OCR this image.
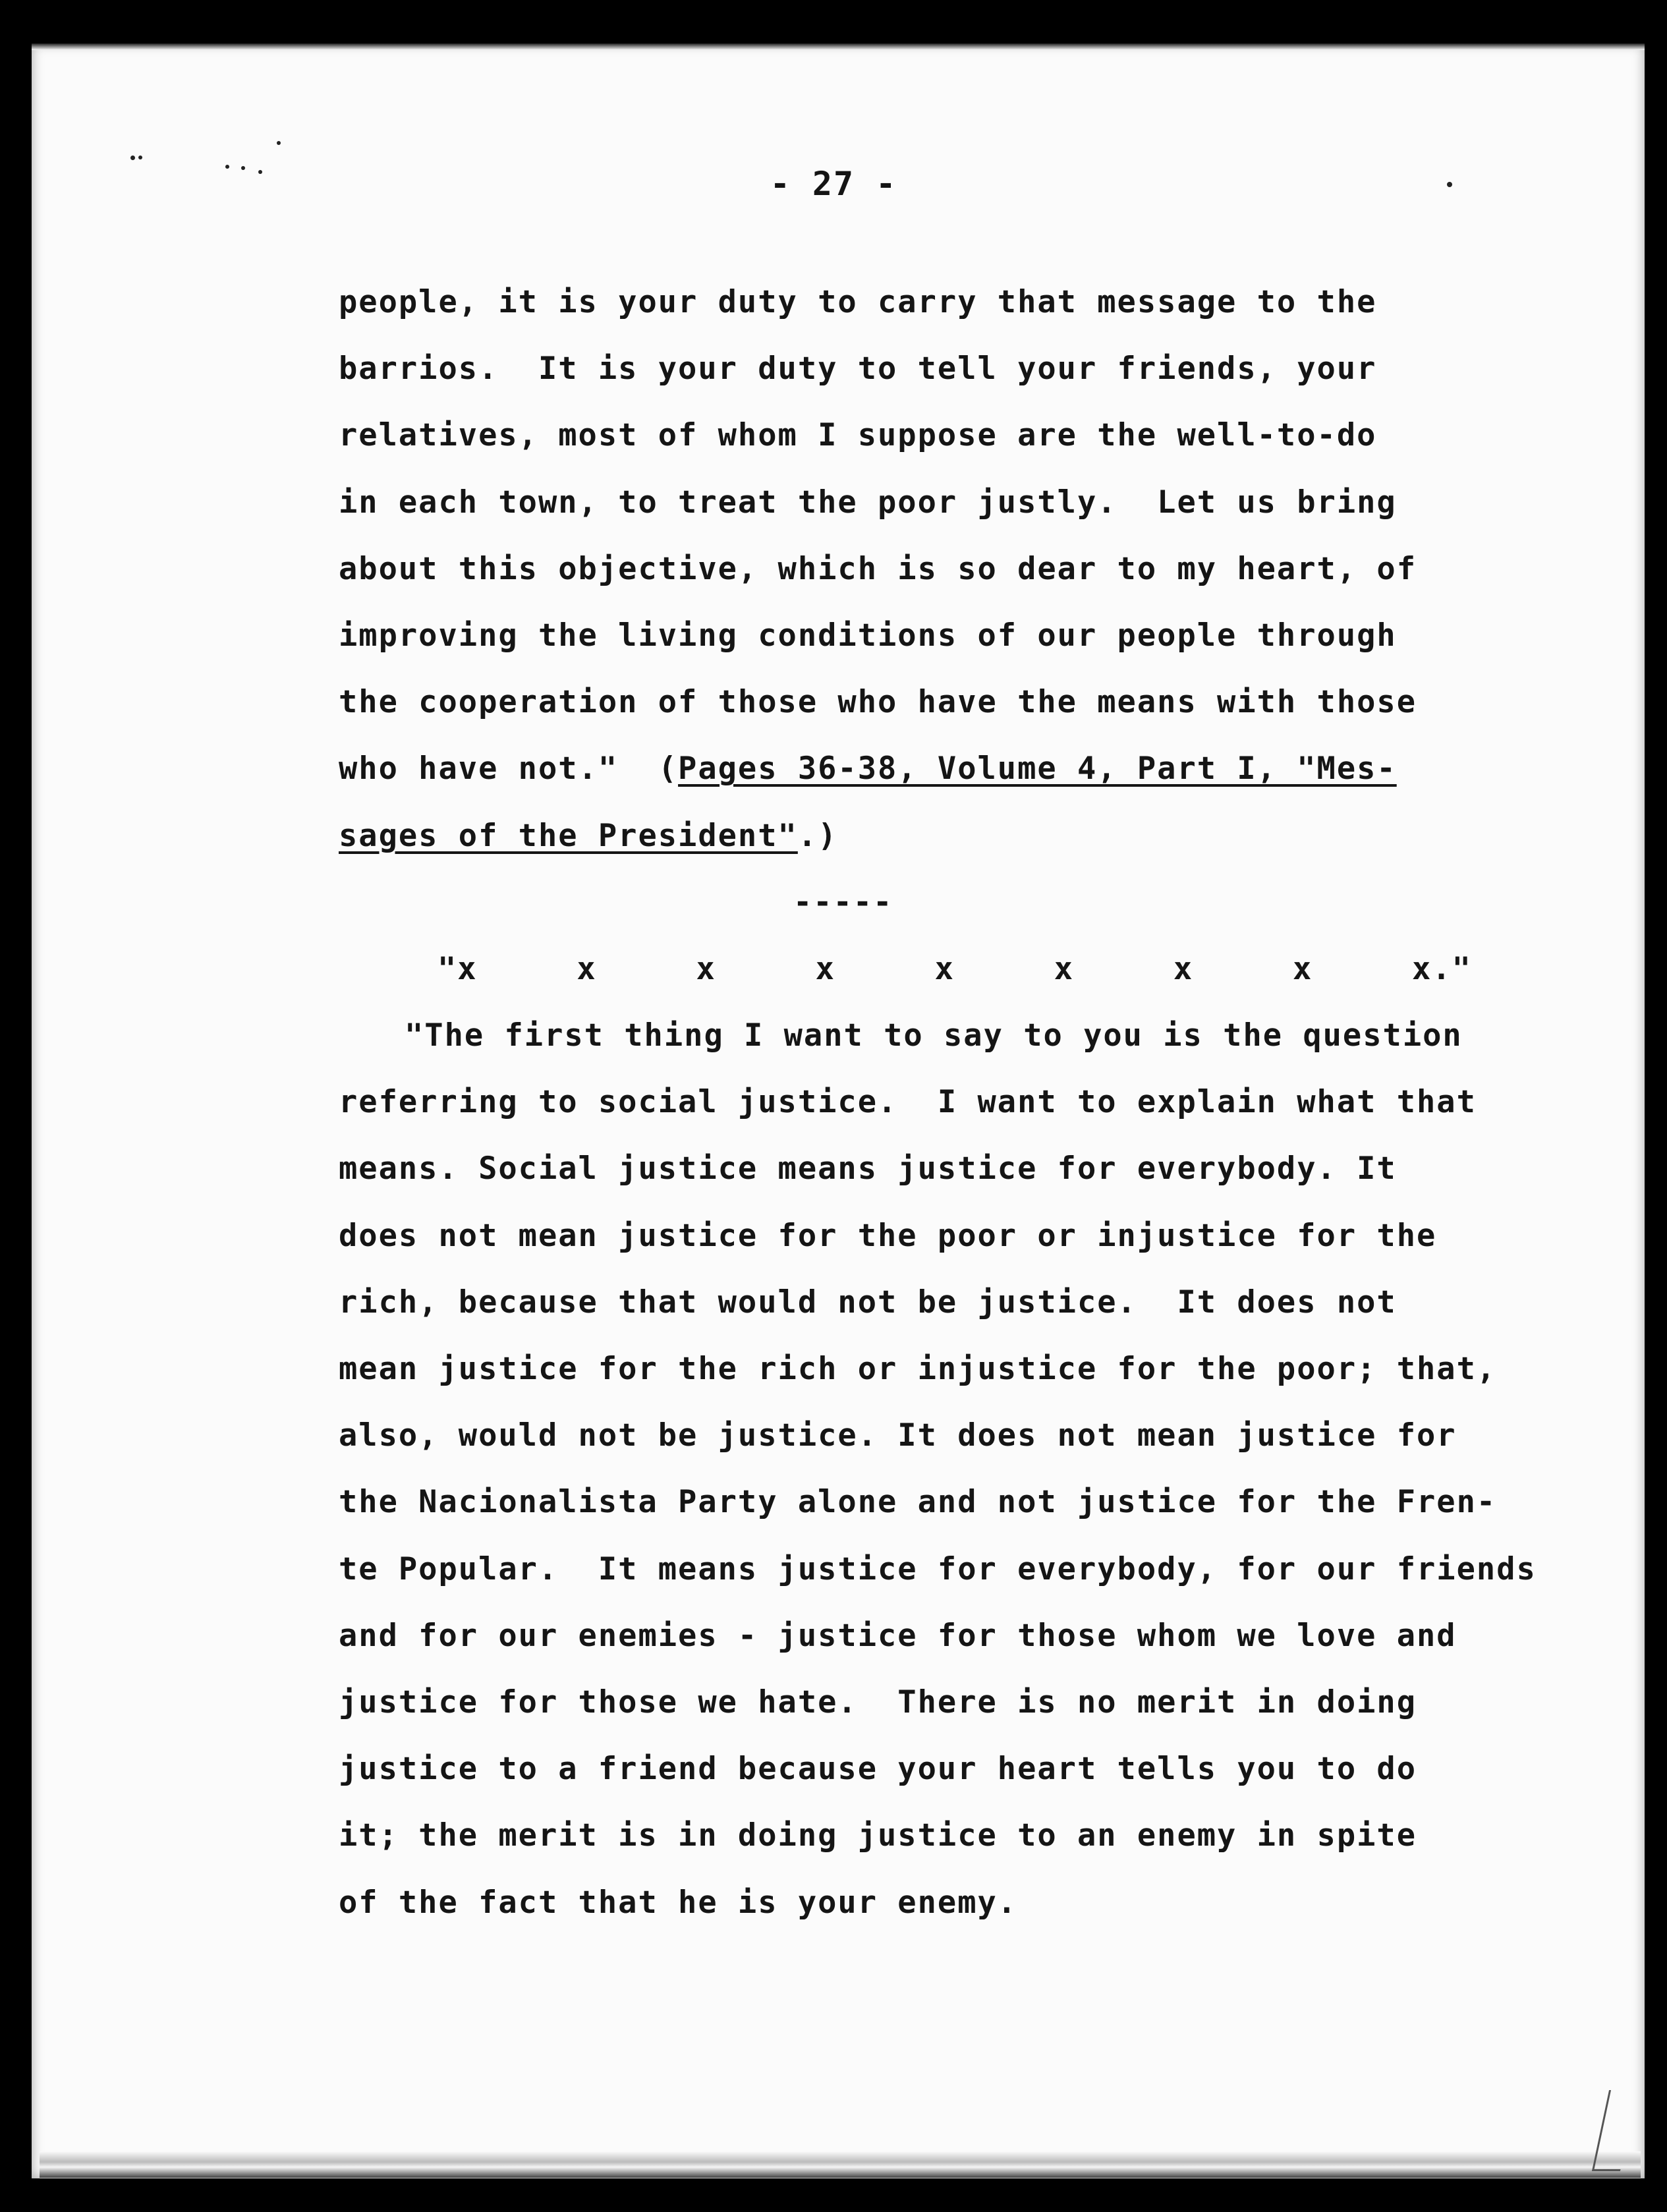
- 27 -
people, it is your duty to carry that message to the
barrios.  It is your duty to tell your friends, your
relatives, most of whom I suppose are the well-to-do
in each town, to treat the poor justly.  Let us bring
about this objective, which is so dear to my heart, of
improving the living conditions of our people through
the cooperation of those who have the means with those
who have not."  (Pages 36-38, Volume 4, Part I, "Mes-
sages of the President".)
-----
"x	x	x	x	x	x	x	x	x."
"The first thing I want to say to you is the question
referring to social justice.  I want to explain what that
means. Social justice means justice for everybody. It
does not mean justice for the poor or injustice for the
rich, because that would not be justice.  It does not
mean justice for the rich or injustice for the poor; that,
also, would not be justice. It does not mean justice for
the Nacionalista Party alone and not justice for the Fren-
te Popular.  It means justice for everybody, for our friends
and for our enemies - justice for those whom we love and
justice for those we hate.  There is no merit in doing
justice to a friend because your heart tells you to do
it; the merit is in doing justice to an enemy in spite
of the fact that he is your enemy.
